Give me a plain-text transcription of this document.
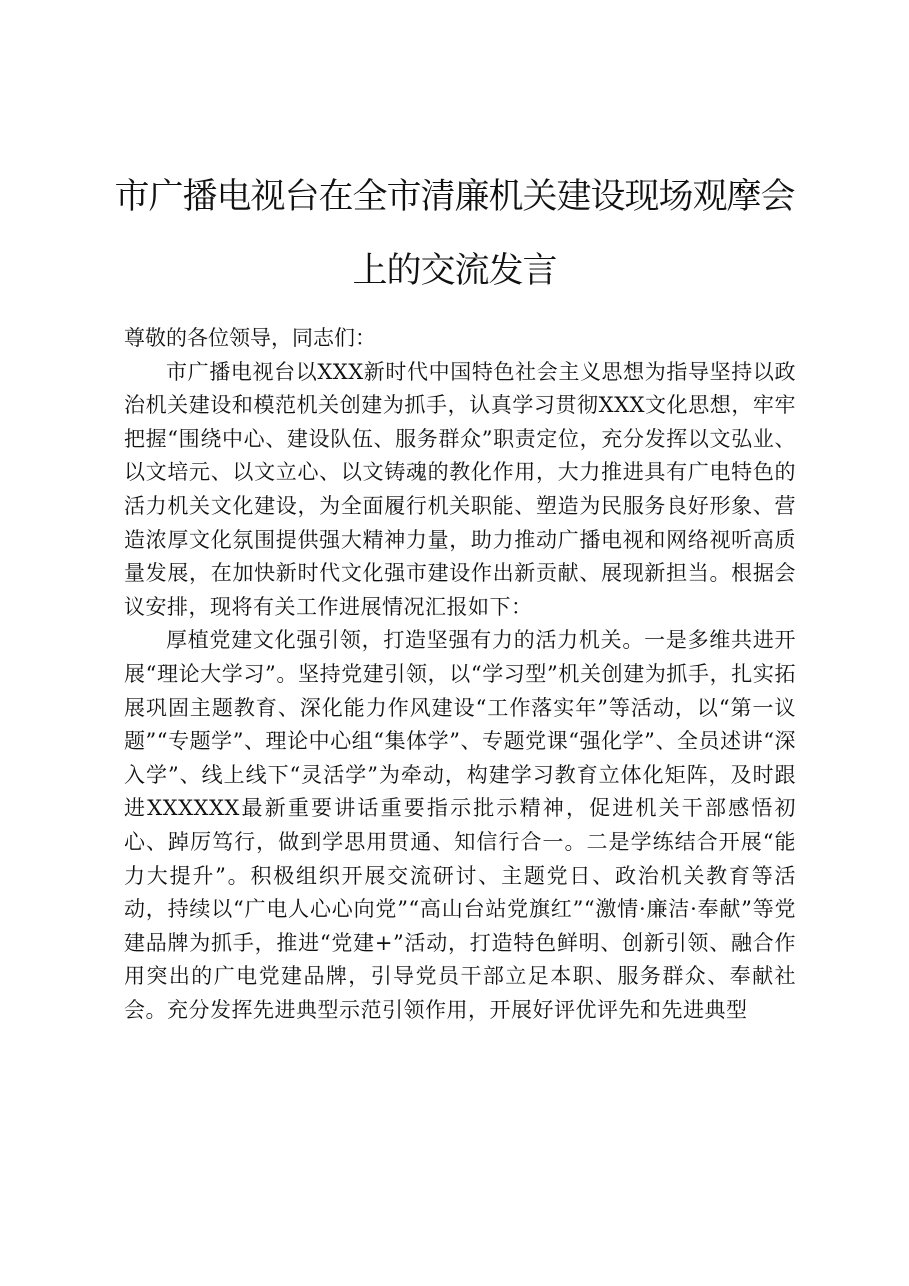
市广播电视台在全市清廉机关建设现场观摩会
上的交流发言

尊敬的各位领导，同志们：

市广播电视台以XXX新时代中国特色社会主义思想为指导坚持以政治机关建设和模范机关创建为抓手，认真学习贯彻XXX文化思想，牢牢把握“围绕中心、建设队伍、服务群众”职责定位，充分发挥以文弘业、以文培元、以文立心、以文铸魂的教化作用，大力推进具有广电特色的活力机关文化建设，为全面履行机关职能、塑造为民服务良好形象、营造浓厚文化氛围提供强大精神力量，助力推动广播电视和网络视听高质量发展，在加快新时代文化强市建设作出新贡献、展现新担当。根据会议安排，现将有关工作进展情况汇报如下：

厚植党建文化强引领，打造坚强有力的活力机关。一是多维共进开展“理论大学习”。坚持党建引领，以“学习型”机关创建为抓手，扎实拓展巩固主题教育、深化能力作风建设“工作落实年”等活动，以“第一议题”“专题学”、理论中心组“集体学”、专题党课“强化学”、全员述讲“深入学”、线上线下“灵活学”为牵动，构建学习教育立体化矩阵，及时跟进XXXXXX最新重要讲话重要指示批示精神，促进机关干部感悟初心、踔厉笃行，做到学思用贯通、知信行合一。二是学练结合开展“能力大提升”。积极组织开展交流研讨、主题党日、政治机关教育等活动，持续以“广电人心心向党”“高山台站党旗红”“激情·廉洁·奉献”等党建品牌为抓手，推进“党建+”活动，打造特色鲜明、创新引领、融合作用突出的广电党建品牌，引导党员干部立足本职、服务群众、奉献社会。充分发挥先进典型示范引领作用，开展好评优评先和先进典型
